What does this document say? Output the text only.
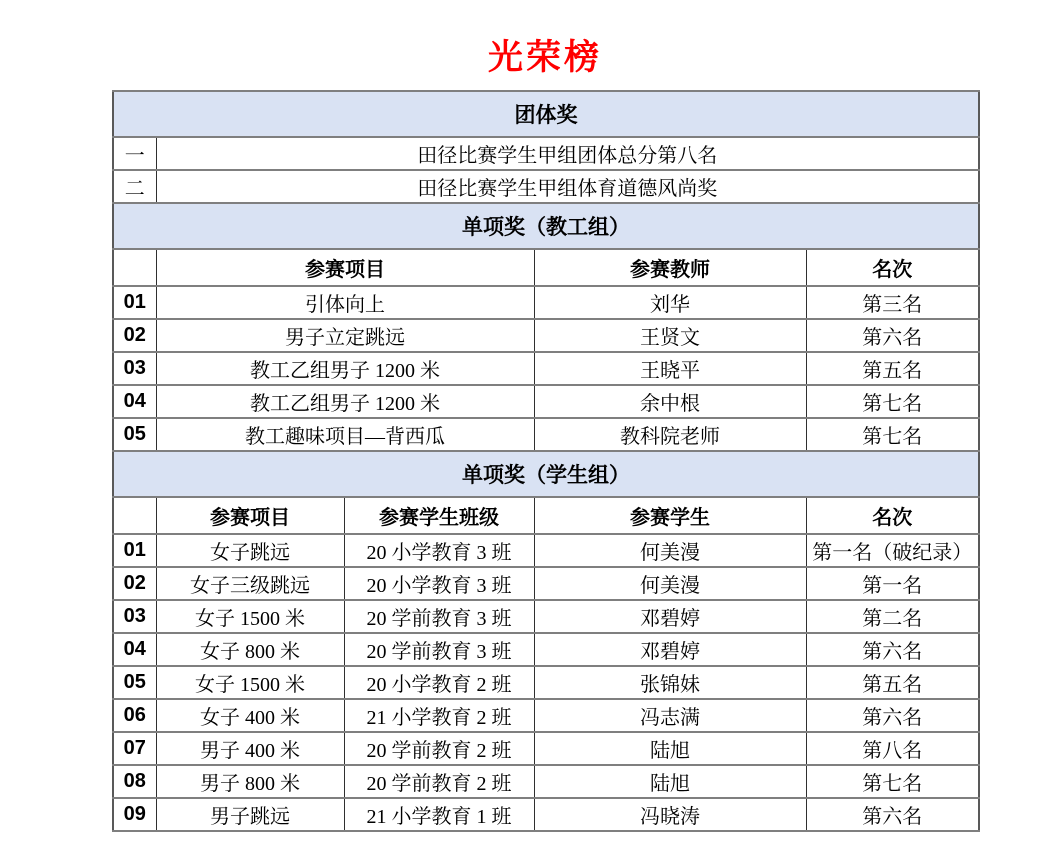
光荣榜
团体奖				
一	田径比赛学生甲组团体总分第八名			
二	田径比赛学生甲组体育道德风尚奖			
单项奖（教工组）				
	参赛项目		参赛教师	名次
01	引体向上		刘华	第三名
02	男子立定跳远		王贤文	第六名
03	教工乙组男子 1200 米		王晓平	第五名
04	教工乙组男子 1200 米		余中根	第七名
05	教工趣味项目—背西瓜		教科院老师	第七名
单项奖（学生组）				
	参赛项目	参赛学生班级	参赛学生	名次
01	女子跳远	20 小学教育 3 班	何美漫	第一名（破纪录）
02	女子三级跳远	20 小学教育 3 班	何美漫	第一名
03	女子 1500 米	20 学前教育 3 班	邓碧婷	第二名
04	女子 800 米	20 学前教育 3 班	邓碧婷	第六名
05	女子 1500 米	20 小学教育 2 班	张锦妹	第五名
06	女子 400 米	21 小学教育 2 班	冯志满	第六名
07	男子 400 米	20 学前教育 2 班	陆旭	第八名
08	男子 800 米	20 学前教育 2 班	陆旭	第七名
09	男子跳远	21 小学教育 1 班	冯晓涛	第六名
